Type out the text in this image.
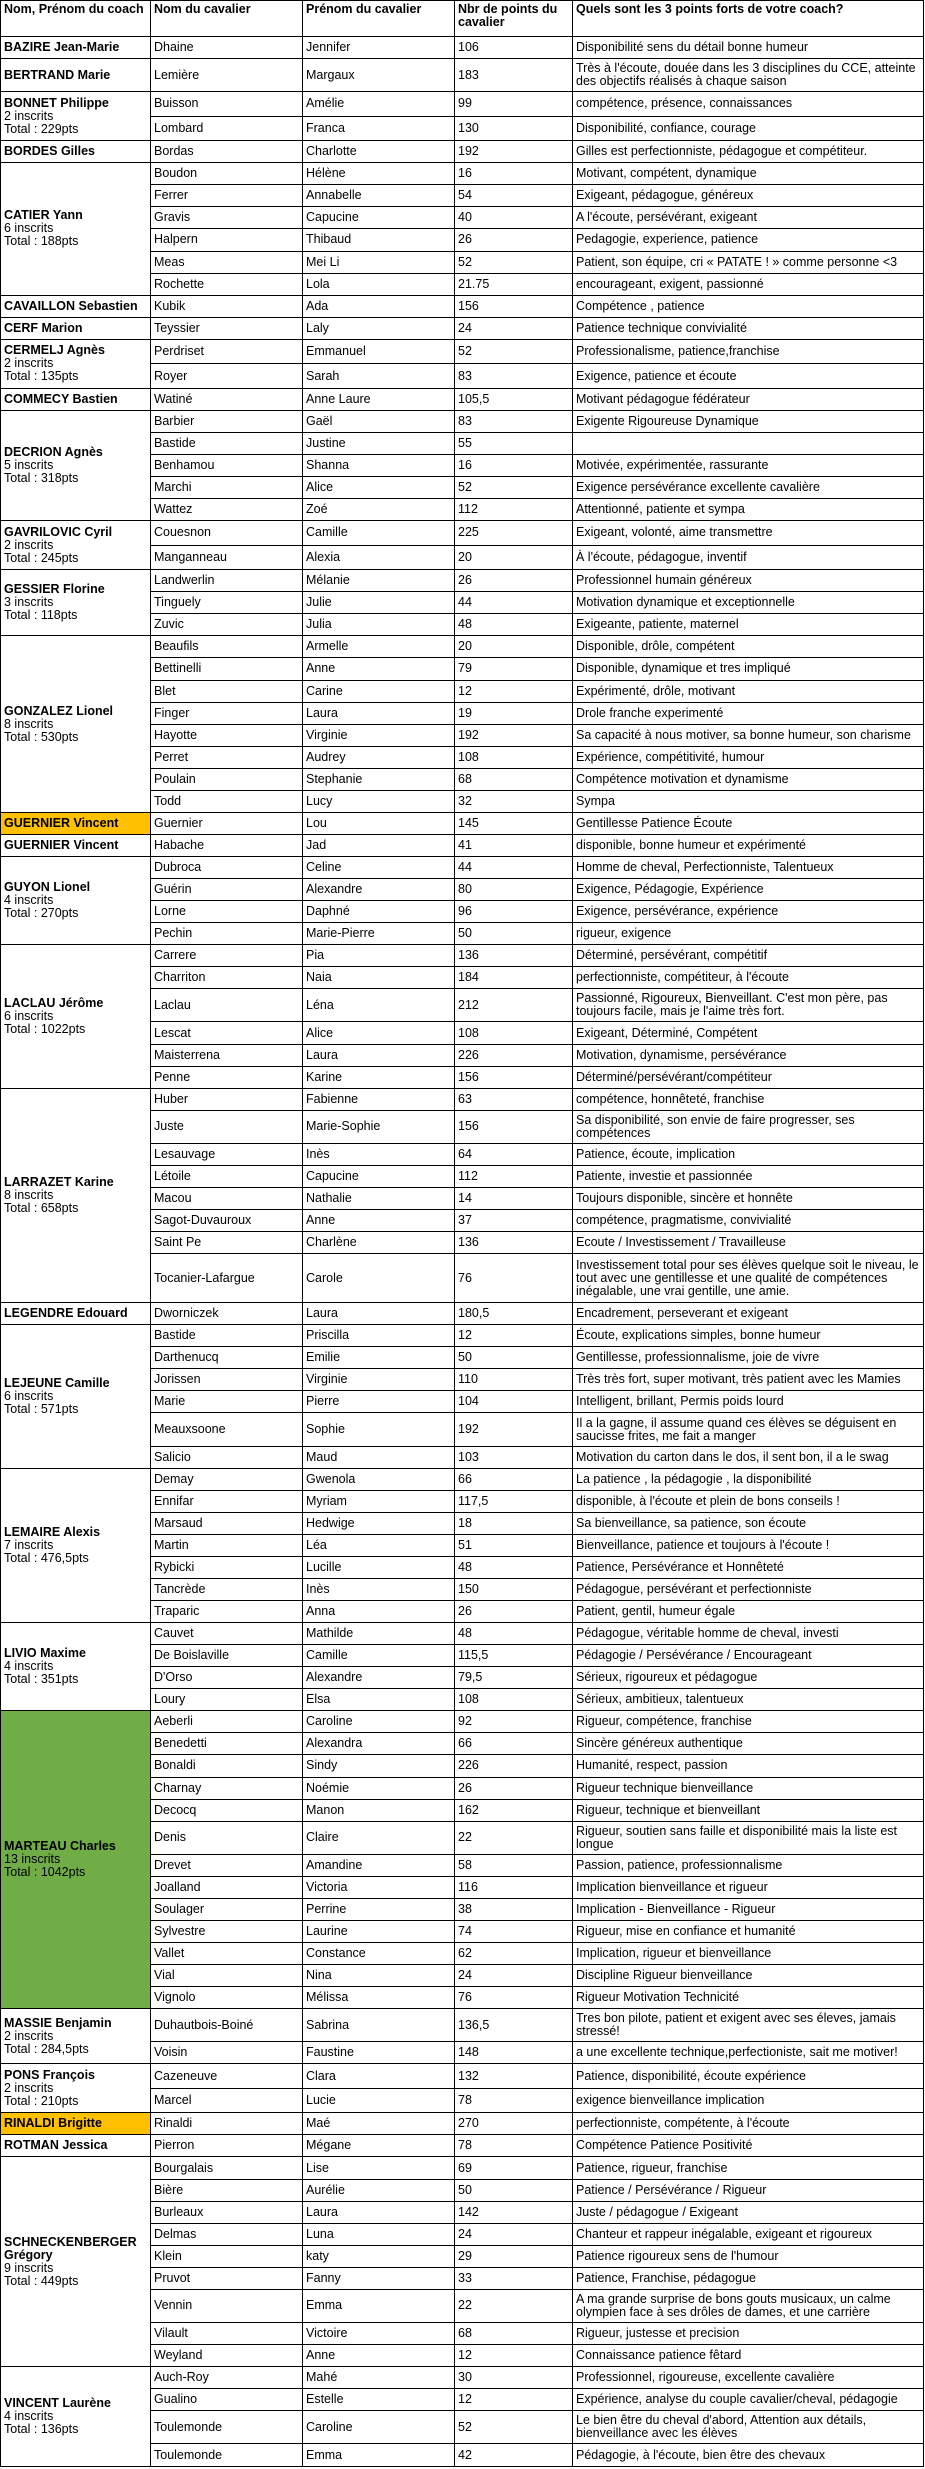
Nom, Prénom du coach	Nom du cavalier	Prénom du cavalier	Nbr de points du cavalier	Quels sont les 3 points forts de votre coach?

BAZIRE Jean-Marie	Dhaine	Jennifer	106	Disponibilité sens du détail bonne humeur

BERTRAND Marie	Lemière	Margaux	183	Très à l'écoute, douée dans les 3 disciplines du CCE, atteinte des objectifs réalisés à chaque saison

BONNET Philippe
2 inscrits
Total : 229pts	Buisson	Amélie	99	compétence, présence, connaissances
	Lombard	Franca	130	Disponibilité, confiance, courage

BORDES Gilles	Bordas	Charlotte	192	Gilles est perfectionniste, pédagogue et compétiteur.

CATIER Yann
6 inscrits
Total : 188pts	Boudon	Hélène	16	Motivant, compétent, dynamique
	Ferrer	Annabelle	54	Exigeant, pédagogue, généreux
	Gravis	Capucine	40	A l'écoute, persévérant, exigeant
	Halpern	Thibaud	26	Pedagogie, experience, patience
	Meas	Mei Li	52	Patient, son équipe, cri « PATATE ! » comme personne <3
	Rochette	Lola	21.75	encourageant, exigent, passionné

CAVAILLON Sebastien	Kubik	Ada	156	Compétence , patience

CERF Marion	Teyssier	Laly	24	Patience technique convivialité

CERMELJ Agnès
2 inscrits
Total : 135pts	Perdriset	Emmanuel	52	Professionalisme, patience,franchise
	Royer	Sarah	83	Exigence, patience et écoute

COMMECY Bastien	Watiné	Anne Laure	105,5	Motivant pédagogue fédérateur

DECRION Agnès
5 inscrits
Total : 318pts	Barbier	Gaël	83	Exigente Rigoureuse Dynamique
	Bastide	Justine	55	
	Benhamou	Shanna	16	Motivée, expérimentée, rassurante
	Marchi	Alice	52	Exigence persévérance excellente cavalière
	Wattez	Zoé	112	Attentionné, patiente et sympa

GAVRILOVIC Cyril
2 inscrits
Total : 245pts	Couesnon	Camille	225	Exigeant, volonté, aime transmettre
	Manganneau	Alexia	20	À l'écoute, pédagogue, inventif

GESSIER Florine
3 inscrits
Total : 118pts	Landwerlin	Mélanie	26	Professionnel humain généreux
	Tinguely	Julie	44	Motivation dynamique et exceptionnelle
	Zuvic	Julia	48	Exigeante, patiente, maternel

GONZALEZ Lionel
8 inscrits
Total : 530pts	Beaufils	Armelle	20	Disponible, drôle, compétent
	Bettinelli	Anne	79	Disponible, dynamique et tres impliqué
	Blet	Carine	12	Expérimenté, drôle, motivant
	Finger	Laura	19	Drole franche experimenté
	Hayotte	Virginie	192	Sa capacité à nous motiver, sa bonne humeur, son charisme
	Perret	Audrey	108	Expérience, compétitivité, humour
	Poulain	Stephanie	68	Compétence motivation et dynamisme
	Todd	Lucy	32	Sympa

GUERNIER Vincent	Guernier	Lou	145	Gentillesse Patience Écoute

GUERNIER Vincent	Habache	Jad	41	disponible, bonne humeur et expérimenté

GUYON Lionel
4 inscrits
Total : 270pts	Dubroca	Celine	44	Homme de cheval, Perfectionniste, Talentueux
	Guérin	Alexandre	80	Exigence, Pédagogie, Expérience
	Lorne	Daphné	96	Exigence, persévérance, expérience
	Pechin	Marie-Pierre	50	rigueur, exigence

LACLAU Jérôme
6 inscrits
Total : 1022pts	Carrere	Pia	136	Déterminé, persévérant, compétitif
	Charriton	Naia	184	perfectionniste, compétiteur, à l'écoute
	Laclau	Léna	212	Passionné, Rigoureux, Bienveillant. C'est mon père, pas toujours facile, mais je l'aime très fort.
	Lescat	Alice	108	Exigeant, Déterminé, Compétent
	Maisterrena	Laura	226	Motivation, dynamisme, persévérance
	Penne	Karine	156	Déterminé/persévérant/compétiteur

LARRAZET Karine
8 inscrits
Total : 658pts	Huber	Fabienne	63	compétence, honnêteté, franchise
	Juste	Marie-Sophie	156	Sa disponibilité, son envie de faire progresser, ses compétences
	Lesauvage	Inès	64	Patience, écoute, implication
	Létoile	Capucine	112	Patiente, investie et passionnée
	Macou	Nathalie	14	Toujours disponible, sincère et honnête
	Sagot-Duvauroux	Anne	37	compétence, pragmatisme, convivialité
	Saint Pe	Charlène	136	Ecoute / Investissement / Travailleuse
	Tocanier-Lafargue	Carole	76	Investissement total pour ses élèves quelque soit le niveau, le tout avec une gentillesse et une qualité de compétences inégalable, une vrai gentille, une amie.

LEGENDRE Edouard	Dworniczek	Laura	180,5	Encadrement, perseverant et exigeant

LEJEUNE Camille
6 inscrits
Total : 571pts	Bastide	Priscilla	12	Écoute, explications simples, bonne humeur
	Darthenucq	Emilie	50	Gentillesse, professionnalisme, joie de vivre
	Jorissen	Virginie	110	Très très fort, super motivant, très patient avec les Mamies
	Marie	Pierre	104	Intelligent, brillant, Permis poids lourd
	Meauxsoone	Sophie	192	Il a la gagne, il assume quand ces élèves se déguisent en saucisse frites, me fait a manger
	Salicio	Maud	103	Motivation du carton dans le dos, il sent bon, il a le swag

LEMAIRE Alexis
7 inscrits
Total : 476,5pts	Demay	Gwenola	66	La patience , la pédagogie , la disponibilité
	Ennifar	Myriam	117,5	disponible, à l'écoute et plein de bons conseils !
	Marsaud	Hedwige	18	Sa bienveillance, sa patience, son écoute
	Martin	Léa	51	Bienveillance, patience et toujours à l'écoute !
	Rybicki	Lucille	48	Patience, Persévérance et Honnêteté
	Tancrède	Inès	150	Pédagogue, persévérant et perfectionniste
	Traparic	Anna	26	Patient, gentil, humeur égale

LIVIO Maxime
4 inscrits
Total : 351pts	Cauvet	Mathilde	48	Pédagogue, véritable homme de cheval, investi
	De Boislaville	Camille	115,5	Pédagogie / Persévérance / Encourageant
	D'Orso	Alexandre	79,5	Sérieux, rigoureux et pédagogue
	Loury	Elsa	108	Sérieux, ambitieux, talentueux

MARTEAU Charles
13 inscrits
Total : 1042pts	Aeberli	Caroline	92	Rigueur, compétence, franchise
	Benedetti	Alexandra	66	Sincère généreux authentique
	Bonaldi	Sindy	226	Humanité, respect, passion
	Charnay	Noémie	26	Rigueur technique bienveillance
	Decocq	Manon	162	Rigueur, technique et bienveillant
	Denis	Claire	22	Rigueur, soutien sans faille et disponibilité mais la liste est longue
	Drevet	Amandine	58	Passion, patience, professionnalisme
	Joalland	Victoria	116	Implication bienveillance et rigueur
	Soulager	Perrine	38	Implication - Bienveillance - Rigueur
	Sylvestre	Laurine	74	Rigueur, mise en confiance et humanité
	Vallet	Constance	62	Implication, rigueur et bienveillance
	Vial	Nina	24	Discipline Rigueur bienveillance
	Vignolo	Mélissa	76	Rigueur Motivation Technicité

MASSIE Benjamin
2 inscrits
Total : 284,5pts	Duhautbois-Boiné	Sabrina	136,5	Tres bon pilote, patient et exigent avec ses éleves, jamais stressé!
	Voisin	Faustine	148	a une excellente technique,perfectioniste, sait me motiver!

PONS François
2 inscrits
Total : 210pts	Cazeneuve	Clara	132	Patience, disponibilité, écoute expérience
	Marcel	Lucie	78	exigence bienveillance implication

RINALDI Brigitte	Rinaldi	Maé	270	perfectionniste, compétente, à l'écoute

ROTMAN Jessica	Pierron	Mégane	78	Compétence Patience Positivité

SCHNECKENBERGER Grégory
9 inscrits
Total : 449pts	Bourgalais	Lise	69	Patience, rigueur, franchise
	Bière	Aurélie	50	Patience / Persévérance / Rigueur
	Burleaux	Laura	142	Juste / pédagogue / Exigeant
	Delmas	Luna	24	Chanteur et rappeur inégalable, exigeant et rigoureux
	Klein	katy	29	Patience rigoureux sens de l'humour
	Pruvot	Fanny	33	Patience, Franchise, pédagogue
	Vennin	Emma	22	A ma grande surprise de bons gouts musicaux, un calme olympien face à ses drôles de dames, et une carrière
	Vilault	Victoire	68	Rigueur, justesse et precision
	Weyland	Anne	12	Connaissance patience fêtard

VINCENT Laurène
4 inscrits
Total : 136pts	Auch-Roy	Mahé	30	Professionnel, rigoureuse, excellente cavalière
	Gualino	Estelle	12	Expérience, analyse du couple cavalier/cheval, pédagogie
	Toulemonde	Caroline	52	Le bien être du cheval d'abord, Attention aux détails, bienveillance avec les élèves
	Toulemonde	Emma	42	Pédagogie, à l'écoute, bien être des chevaux
